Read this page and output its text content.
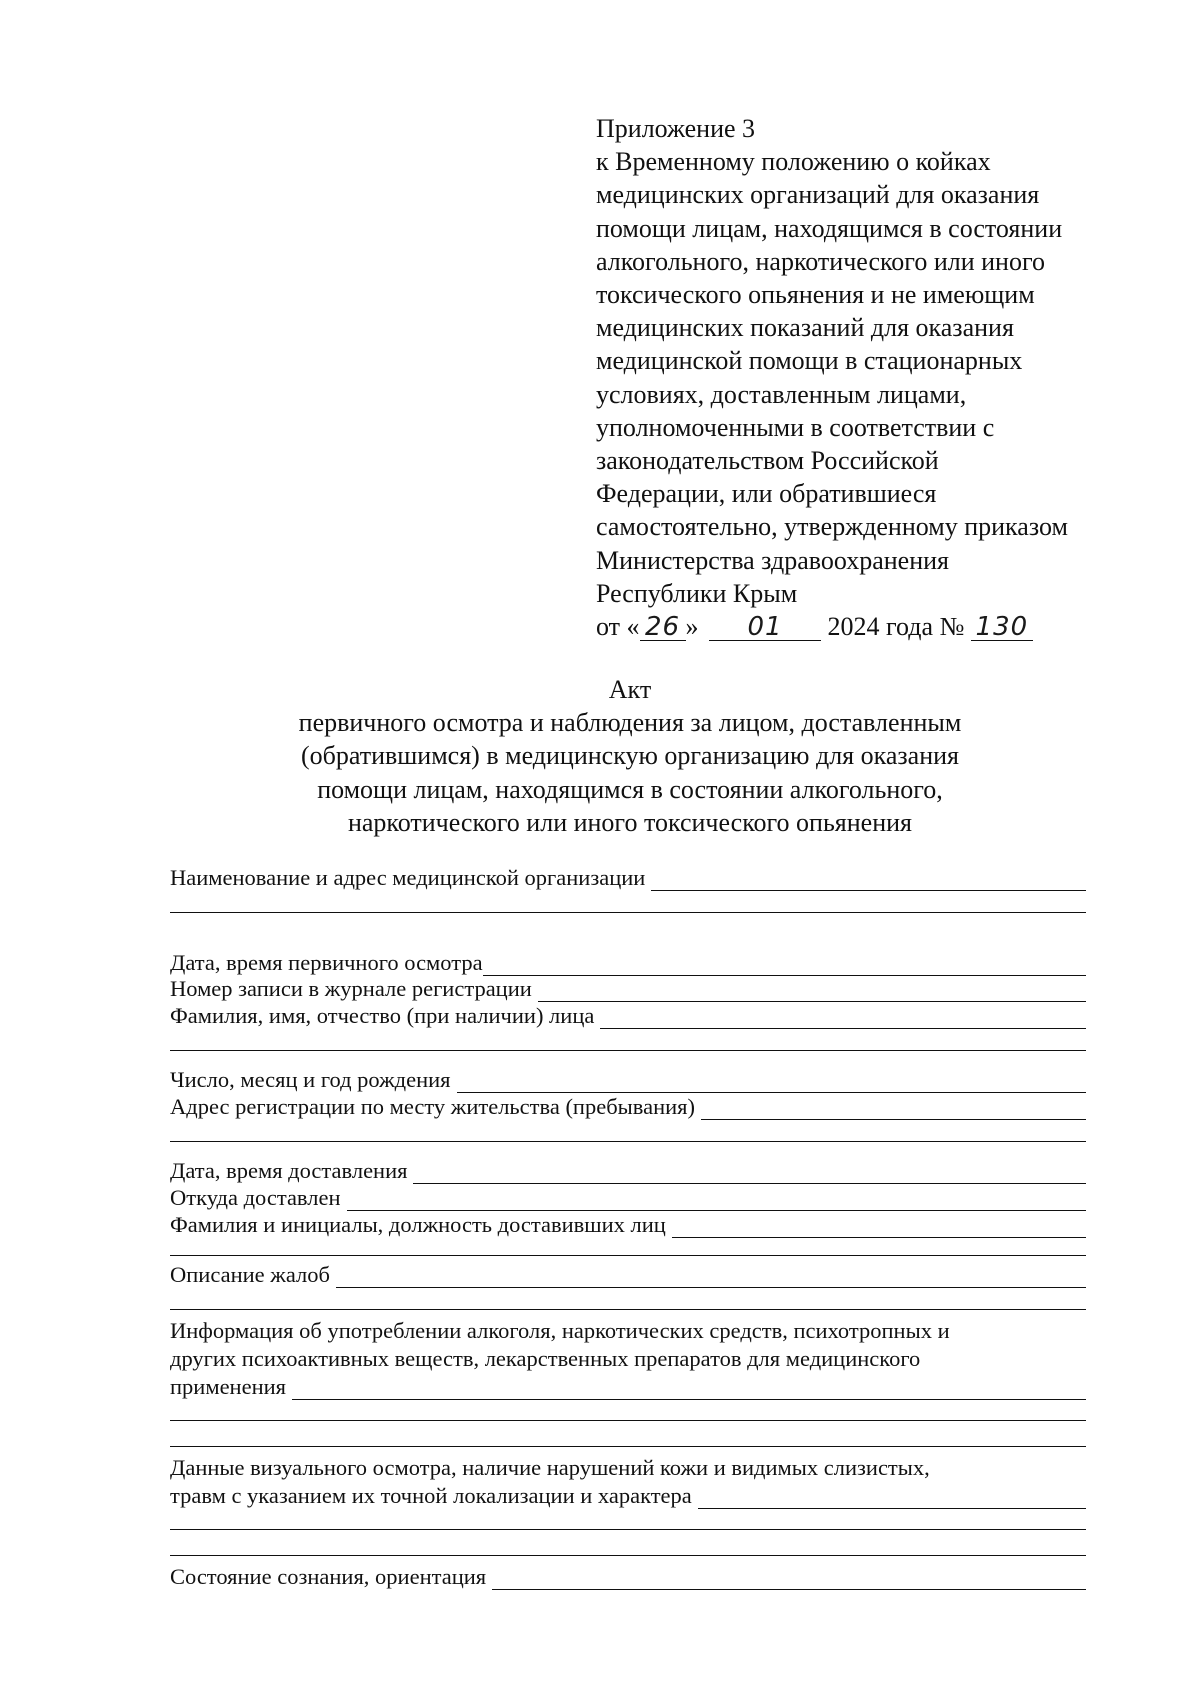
Приложение 3
к Временному положению о койках
медицинских организаций для оказания
помощи лицам, находящимся в состоянии
алкогольного, наркотического или иного
токсического опьянения и не имеющим
медицинских показаний для оказания
медицинской помощи в стационарных
условиях, доставленным лицами,
уполномоченными в соответствии с
законодательством Российской
Федерации, или обратившиеся
самостоятельно, утвержденному приказом
Министерства здравоохранения
Республики Крым
от « 26 » 01 2024 года № 130
Акт
первичного осмотра и наблюдения за лицом, доставленным
(обратившимся) в медицинскую организацию для оказания
помощи лицам, находящимся в состоянии алкогольного,
наркотического или иного токсического опьянения
Наименование и адрес медицинской организации
Дата, время первичного осмотра
Номер записи в журнале регистрации
Фамилия, имя, отчество (при наличии) лица
Число, месяц и год рождения
Адрес регистрации по месту жительства (пребывания)
Дата, время доставления
Откуда доставлен
Фамилия и инициалы, должность доставивших лиц
Описание жалоб
Информация об употреблении алкоголя, наркотических средств, психотропных и
других психоактивных веществ, лекарственных препаратов для медицинского
применения
Данные визуального осмотра, наличие нарушений кожи и видимых слизистых,
травм с указанием их точной локализации и характера
Состояние сознания, ориентация
